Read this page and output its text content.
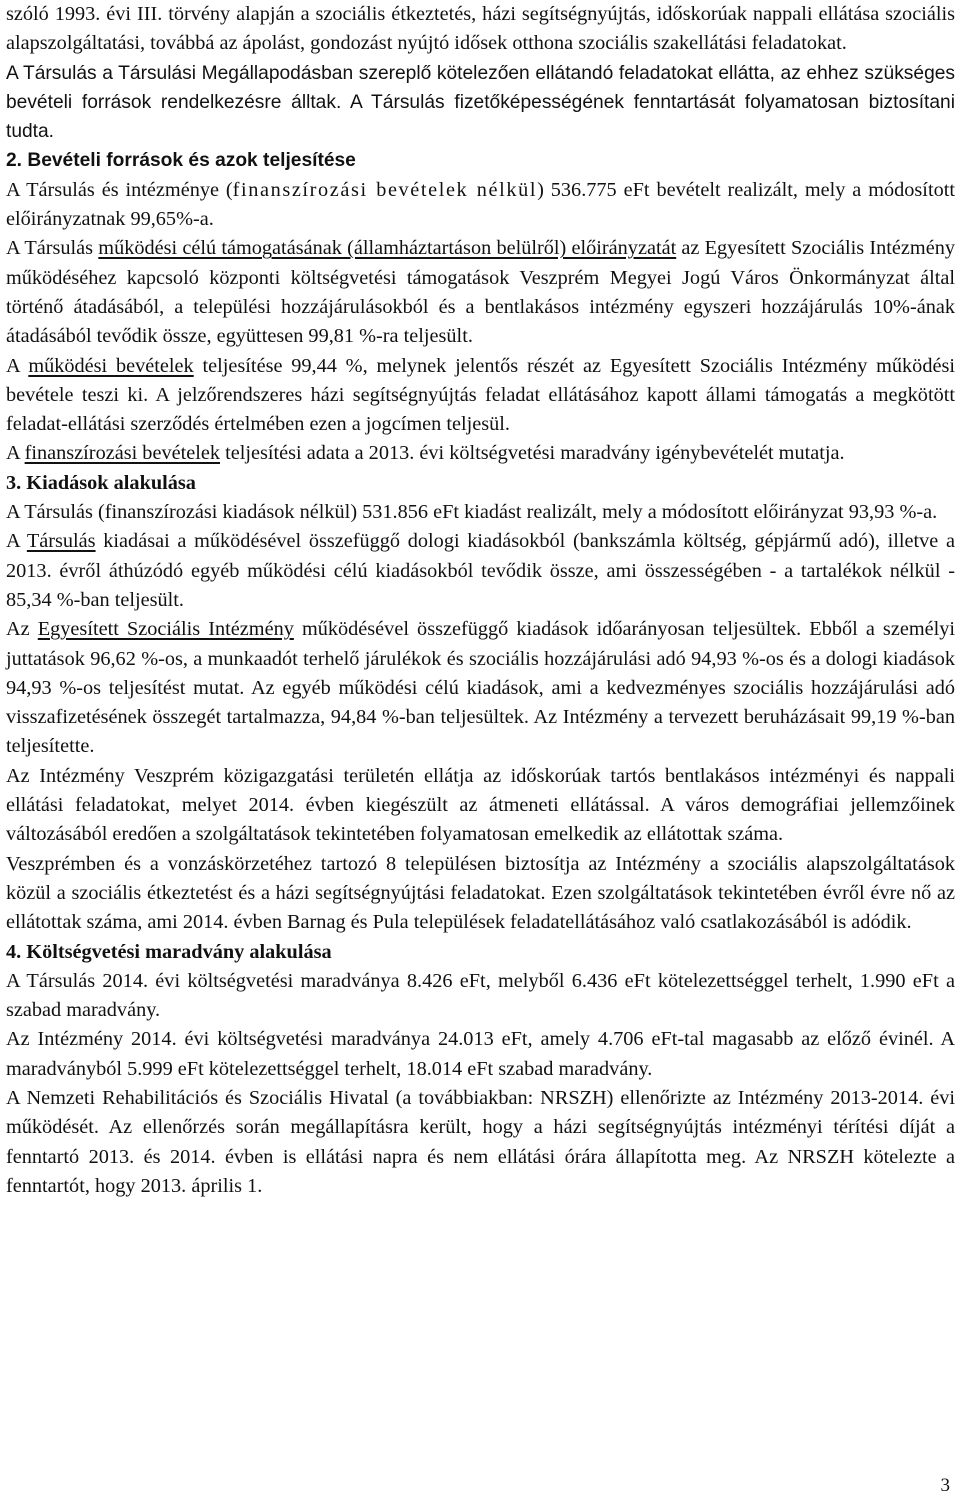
szóló 1993. évi III. törvény alapján a szociális étkeztetés, házi segítségnyújtás, időskorúak nappali ellátása szociális alapszolgáltatási, továbbá az ápolást, gondozást nyújtó idősek otthona szociális szakellátási feladatokat.

A Társulás a Társulási Megállapodásban szereplő kötelezően ellátandó feladatokat ellátta, az ehhez szükséges bevételi források rendelkezésre álltak. A Társulás fizetőképességének fenntartását folyamatosan biztosítani tudta.

2. Bevételi források és azok teljesítése

A Társulás és intézménye (finanszírozási bevételek nélkül) 536.775 eFt bevételt realizált, mely a módosított előirányzatnak 99,65%-a.

A Társulás működési célú támogatásának (államháztartáson belülről) előirányzatát az Egyesített Szociális Intézmény működéséhez kapcsoló központi költségvetési támogatások Veszprém Megyei Jogú Város Önkormányzat által történő átadásából, a települési hozzájárulásokból és a bentlakásos intézmény egyszeri hozzájárulás 10%-ának átadásából tevődik össze, együttesen 99,81 %-ra teljesült.

A működési bevételek teljesítése 99,44 %, melynek jelentős részét az Egyesített Szociális Intézmény működési bevétele teszi ki. A jelzőrendszeres házi segítségnyújtás feladat ellátásához kapott állami támogatás a megkötött feladat-ellátási szerződés értelmében ezen a jogcímen teljesül.

A finanszírozási bevételek teljesítési adata a 2013. évi költségvetési maradvány igénybevételét mutatja.

3. Kiadások alakulása

A Társulás (finanszírozási kiadások nélkül) 531.856 eFt kiadást realizált, mely a módosított előirányzat 93,93 %-a.

A Társulás kiadásai a működésével összefüggő dologi kiadásokból (bankszámla költség, gépjármű adó), illetve a 2013. évről áthúzódó egyéb működési célú kiadásokból tevődik össze, ami összességében - a tartalékok nélkül - 85,34 %-ban teljesült.

Az Egyesített Szociális Intézmény működésével összefüggő kiadások időarányosan teljesültek. Ebből a személyi juttatások 96,62 %-os, a munkaadót terhelő járulékok és szociális hozzájárulási adó 94,93 %-os és a dologi kiadások 94,93 %-os teljesítést mutat. Az egyéb működési célú kiadások, ami a kedvezményes szociális hozzájárulási adó visszafizetésének összegét tartalmazza, 94,84 %-ban teljesültek. Az Intézmény a tervezett beruházásait 99,19 %-ban teljesítette.

Az Intézmény Veszprém közigazgatási területén ellátja az időskorúak tartós bentlakásos intézményi és nappali ellátási feladatokat, melyet 2014. évben kiegészült az átmeneti ellátással. A város demográfiai jellemzőinek változásából eredően a szolgáltatások tekintetében folyamatosan emelkedik az ellátottak száma.

Veszprémben és a vonzáskörzetéhez tartozó 8 településen biztosítja az Intézmény a szociális alapszolgáltatások közül a szociális étkeztetést és a házi segítségnyújtási feladatokat. Ezen szolgáltatások tekintetében évről évre nő az ellátottak száma, ami 2014. évben Barnag és Pula települések feladatellátásához való csatlakozásából is adódik.

4. Költségvetési maradvány alakulása

A Társulás 2014. évi költségvetési maradványa 8.426 eFt, melyből 6.436 eFt kötelezettséggel terhelt, 1.990 eFt a szabad maradvány.

Az Intézmény 2014. évi költségvetési maradványa 24.013 eFt, amely 4.706 eFt-tal magasabb az előző évinél. A maradványból 5.999 eFt kötelezettséggel terhelt, 18.014 eFt szabad maradvány.

A Nemzeti Rehabilitációs és Szociális Hivatal (a továbbiakban: NRSZH) ellenőrizte az Intézmény 2013-2014. évi működését. Az ellenőrzés során megállapításra került, hogy a házi segítségnyújtás intézményi térítési díját a fenntartó 2013. és 2014. évben is ellátási napra és nem ellátási órára állapította meg. Az NRSZH kötelezte a fenntartót, hogy 2013. április 1.

3
